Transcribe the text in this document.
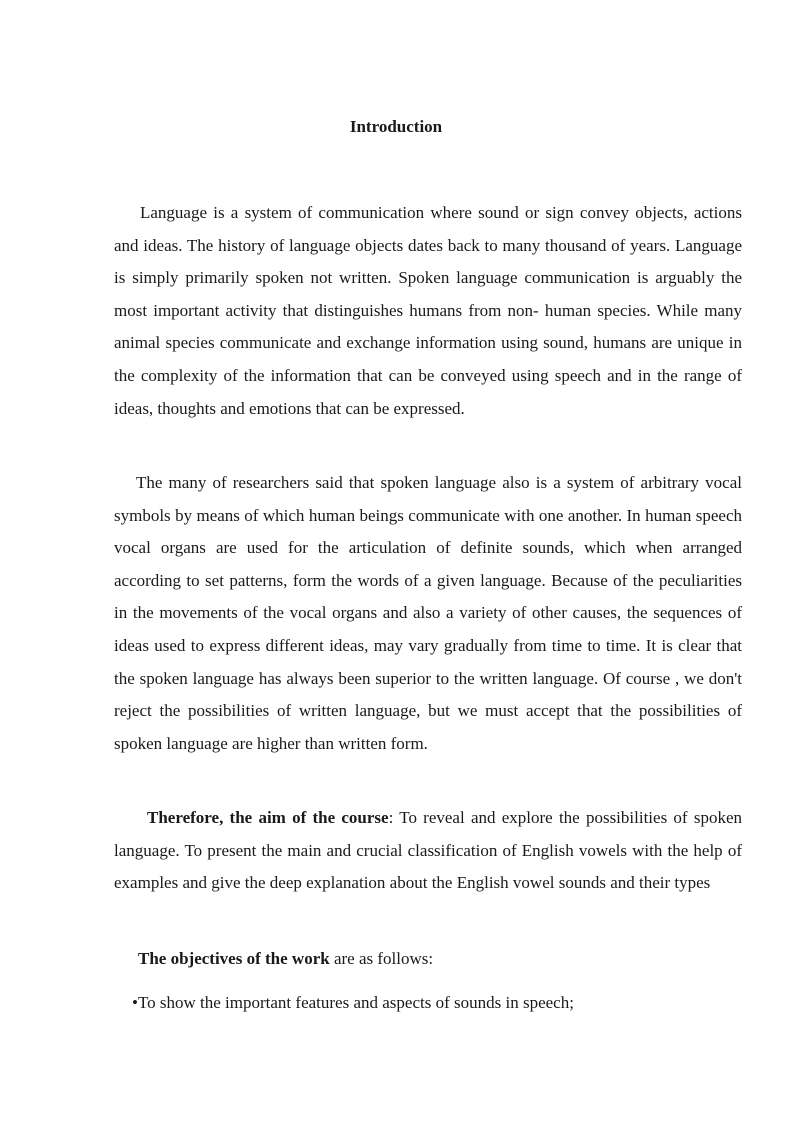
Introduction

Language is a system of communication where sound or sign convey objects, actions and ideas. The history of language objects dates back to many thousand of years. Language is simply primarily spoken not written. Spoken language communication is arguably the most important activity that distinguishes humans from non- human species. While many animal species communicate and exchange information using sound, humans are unique in the complexity of the information that can be conveyed using speech and in the range of ideas, thoughts and emotions that can be expressed.

The many of researchers said that spoken language also is a system of arbitrary vocal symbols by means of which human beings communicate with one another. In human speech vocal organs are used for the articulation of definite sounds, which when arranged according to set patterns, form the words of a given language. Because of the peculiarities in the movements of the vocal organs and also a variety of other causes, the sequences of ideas used to express different ideas, may vary gradually from time to time. It is clear that the spoken language has always been superior to the written language. Of course , we don't reject the possibilities of written language, but we must accept that the possibilities of spoken language are higher than written form.

Therefore, the aim of the course: To reveal and explore the possibilities of spoken language. To present the main and crucial classification of English vowels with the help of examples and give the deep explanation about the English vowel sounds and their types

The objectives of the work are as follows:

•To show the important features and aspects of sounds in speech;
